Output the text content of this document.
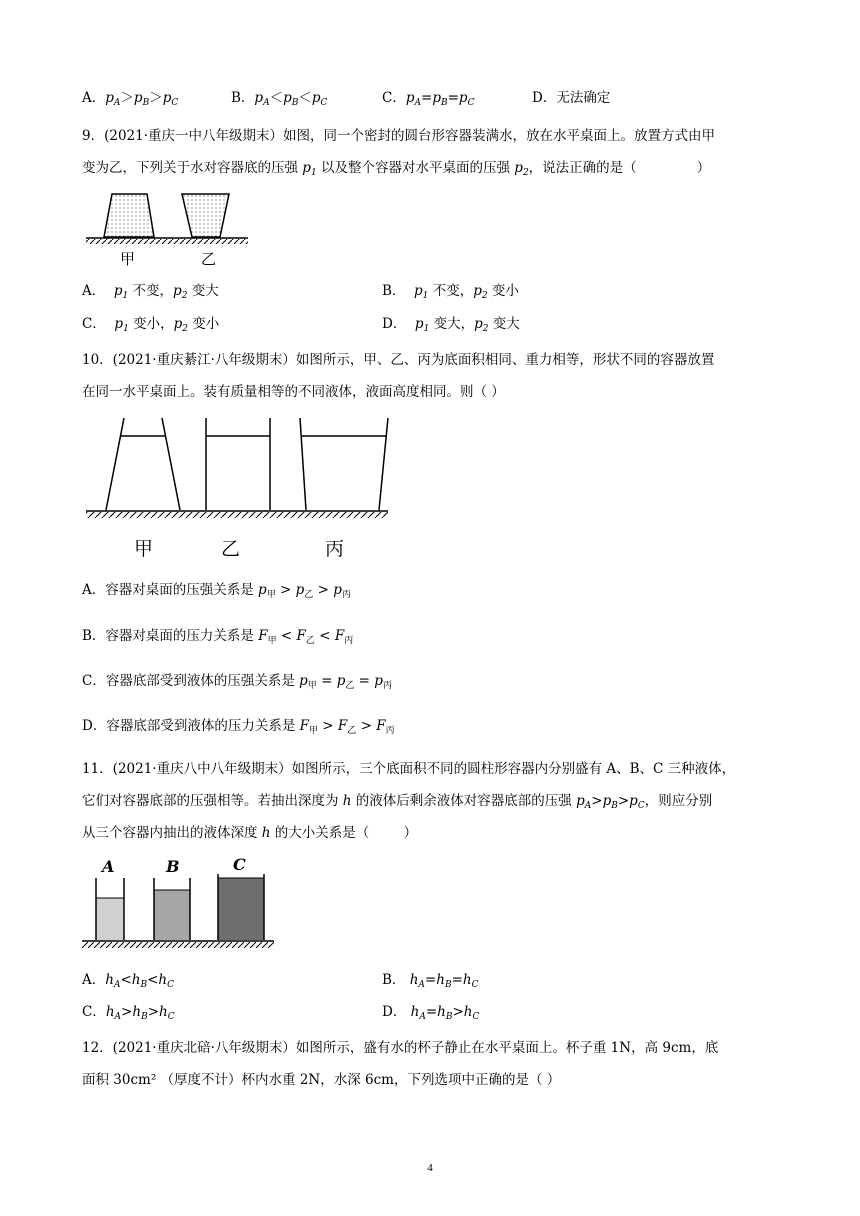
A．$p_A>p_B>p_C$	B．$p_A<p_B<p_C$	C．$p_A=p_B=p_C$	D．无法确定
9．(2021·重庆一中八年级期末）如图，同一个密封的圆台形容器装满水，放在水平桌面上。放置方式由甲
变为乙，下列关于水对容器底的压强 $p_1$ 以及整个容器对水平桌面的压强 $p_2$，说法正确的是（              ）
甲	乙
A．  $p_1$ 不变，$p_2$ 变大	B．  $p_1$ 不变，$p_2$ 变小
C．  $p_1$ 变小，$p_2$ 变小	D．  $p_1$ 变大，$p_2$ 变大
10．(2021·重庆綦江·八年级期末）如图所示，甲、乙、丙为底面积相同、重力相等，形状不同的容器放置
在同一水平桌面上。装有质量相等的不同液体，液面高度相同。则（ ）
甲	乙	丙
A．容器对桌面的压强关系是 $p_甲 > p_乙 > p_丙$
B．容器对桌面的压力关系是 $F_甲 < F_乙 < F_丙$
C．容器底部受到液体的压强关系是 $p_甲 = p_乙 = p_丙$
D．容器底部受到液体的压力关系是 $F_甲 > F_乙 > F_丙$
11．(2021·重庆八中八年级期末）如图所示，三个底面积不同的圆柱形容器内分别盛有 A、B、C 三种液体，
它们对容器底部的压强相等。若抽出深度为 h 的液体后剩余液体对容器底部的压强 $p_A>p_B>p_C$，则应分别
从三个容器内抽出的液体深度 h 的大小关系是（        ）
A	B	C
A．$h_A<h_B<h_C$	B． $h_A=h_B=h_C$
C．$h_A>h_B>h_C$	D． $h_A=h_B>h_C$
12．(2021·重庆北碚·八年级期末）如图所示，盛有水的杯子静止在水平桌面上。杯子重 1N，高 9cm，底
面积 30cm² （厚度不计）杯内水重 2N，水深 6cm，下列选项中正确的是（ ）
4
